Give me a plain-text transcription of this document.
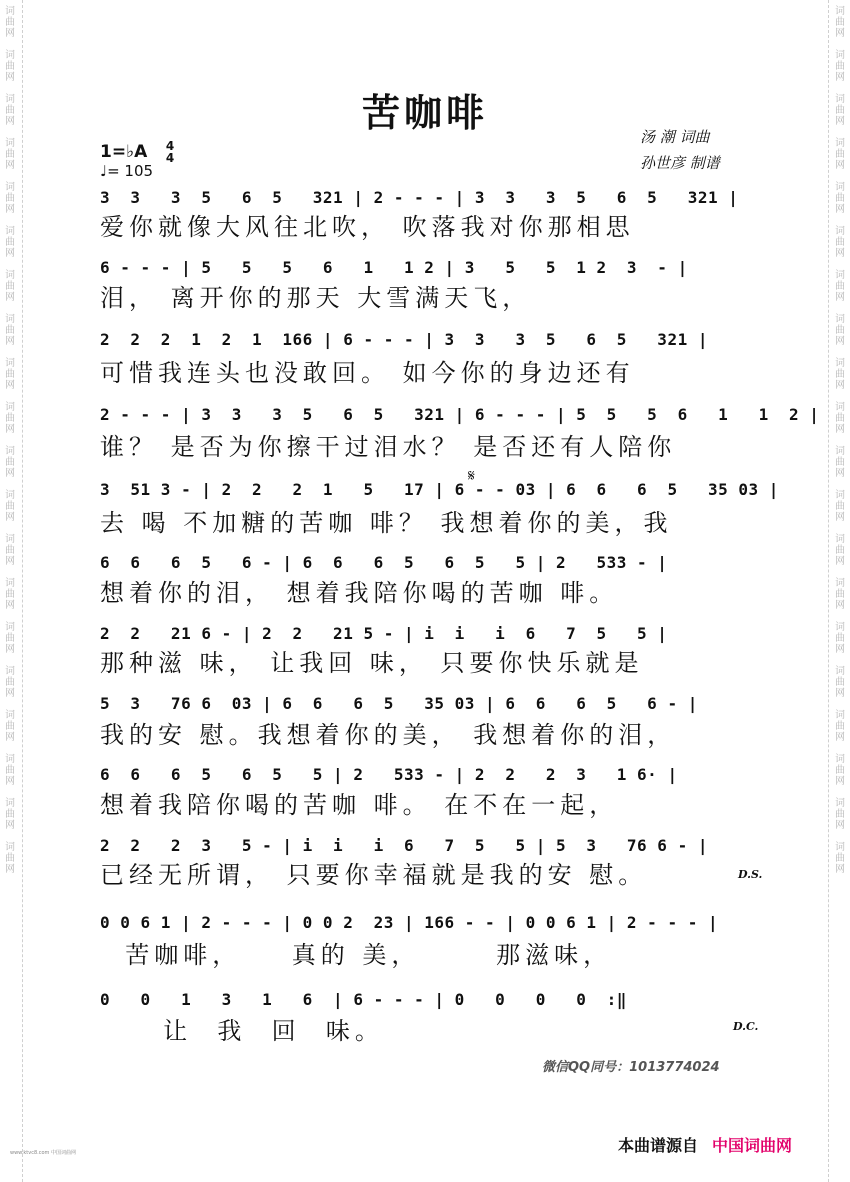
词
曲
网

词
曲
网

词
曲
网

词
曲
网

词
曲
网

词
曲
网

词
曲
网

词
曲
网

词
曲
网

词
曲
网

词
曲
网

词
曲
网

词
曲
网

词
曲
网

词
曲
网

词
曲
网

词
曲
网

词
曲
网

词
曲
网

词
曲
网
词
曲
网

词
曲
网

词
曲
网

词
曲
网

词
曲
网

词
曲
网

词
曲
网

词
曲
网

词
曲
网

词
曲
网

词
曲
网

词
曲
网

词
曲
网

词
曲
网

词
曲
网

词
曲
网

词
曲
网

词
曲
网

词
曲
网

词
曲
网
苦咖啡
汤 潮 词曲
孙世彦 制谱
1=♭A 4
4
♩= 105
3  3   3  5   6  5   321 | 2 - - - | 3  3   3  5   6  5   321 |
爱你就像大风往北吹， 吹落我对你那相思
6 - - - | 5   5   5   6   1   1 2 | 3   5   5  1 2  3  - |
泪， 离开你的那天 大雪满天飞，
2  2  2  1  2  1  166 | 6 - - - | 3  3   3  5   6  5   321 |
可惜我连头也没敢回。 如今你的身边还有
2 - - - | 3  3   3  5   6  5   321 | 6 - - - | 5  5   5  6   1   1  2 |
谁？ 是否为你擦干过泪水？ 是否还有人陪你
𝄋
3  51 3 - | 2  2   2  1   5   17 | 6 - - 03 | 6  6   6  5   35 03 |
去 喝 不加糖的苦咖 啡？ 我想着你的美，我
6  6   6  5   6 - | 6  6   6  5   6  5   5 | 2   533 - |
想着你的泪， 想着我陪你喝的苦咖 啡。
2  2   21 6 - | 2  2   21 5 - | i  i   i  6   7  5   5 |
那种滋 味， 让我回 味， 只要你快乐就是
5  3   76 6  03 | 6  6   6  5   35 03 | 6  6   6  5   6 - |
我的安 慰。我想着你的美， 我想着你的泪，
6  6   6  5   6  5   5 | 2   533 - | 2  2   2  3   1 6· |
想着我陪你喝的苦咖 啡。 在不在一起，
2  2   2  3   5 - | i  i   i  6   7  5   5 | 5  3   76 6 - |
已经无所谓， 只要你幸福就是我的安 慰。	D.S.
0 0 6 1 | 2 - - - | 0 0 2  23 | 166 - - | 0 0 6 1 | 2 - - - |
苦咖啡，    真的 美，      那滋味，
0   0   1   3   1   6  | 6 - - - | 0   0   0   0  :‖
让  我  回  味。	D.C.
微信QQ同号：1013774024
本曲谱源自 中国词曲网
www.ktvc8.com 中国词曲网
